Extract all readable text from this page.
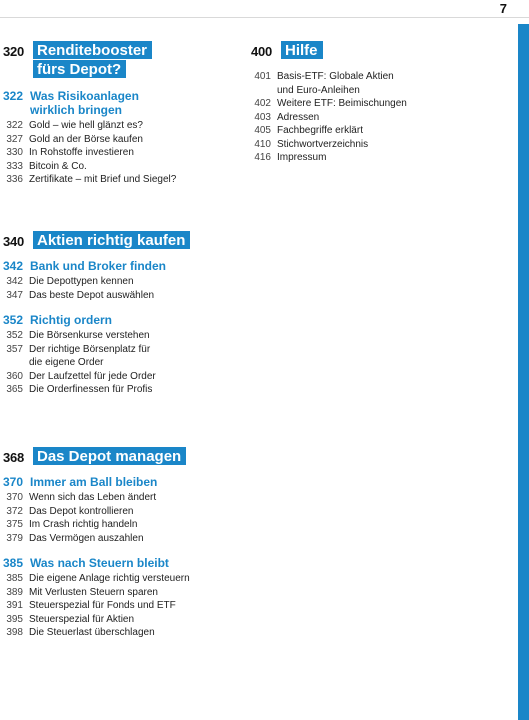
7
320 Renditebooster
fürs Depot?
322 Was Risikoanlagen
wirklich bringen
322 Gold – wie hell glänzt es?
327 Gold an der Börse kaufen
330 In Rohstoffe investieren
333 Bitcoin & Co.
336 Zertifikate – mit Brief und Siegel?
400 Hilfe
401 Basis-ETF: Globale Aktien
und Euro-Anleihen
402 Weitere ETF: Beimischungen
403 Adressen
405 Fachbegriffe erklärt
410 Stichwortverzeichnis
416 Impressum
340 Aktien richtig kaufen
342 Bank und Broker finden
342 Die Depottypen kennen
347 Das beste Depot auswählen
352 Richtig ordern
352 Die Börsenkurse verstehen
357 Der richtige Börsenplatz für
die eigene Order
360 Der Laufzettel für jede Order
365 Die Orderfinessen für Profis
368 Das Depot managen
370 Immer am Ball bleiben
370 Wenn sich das Leben ändert
372 Das Depot kontrollieren
375 Im Crash richtig handeln
379 Das Vermögen auszahlen
385 Was nach Steuern bleibt
385 Die eigene Anlage richtig versteuern
389 Mit Verlusten Steuern sparen
391 Steuerspezial für Fonds und ETF
395 Steuerspezial für Aktien
398 Die Steuerlast überschlagen
